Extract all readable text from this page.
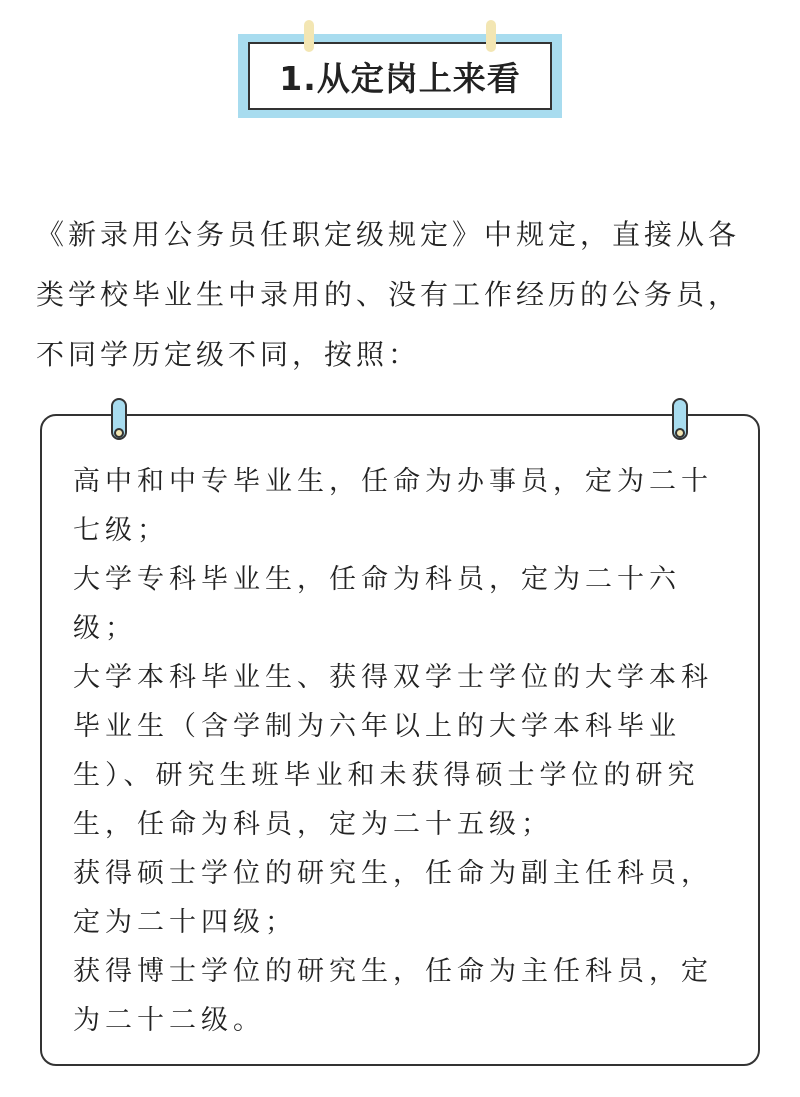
1.从定岗上来看
《新录用公务员任职定级规定》中规定，直接从各
类学校毕业生中录用的、没有工作经历的公务员，
不同学历定级不同，按照：
高中和中专毕业生，任命为办事员，定为二十
七级；
大学专科毕业生，任命为科员，定为二十六
级；
大学本科毕业生、获得双学士学位的大学本科
毕业生（含学制为六年以上的大学本科毕业
生）、研究生班毕业和未获得硕士学位的研究
生，任命为科员，定为二十五级；
获得硕士学位的研究生，任命为副主任科员，
定为二十四级；
获得博士学位的研究生，任命为主任科员，定
为二十二级。
